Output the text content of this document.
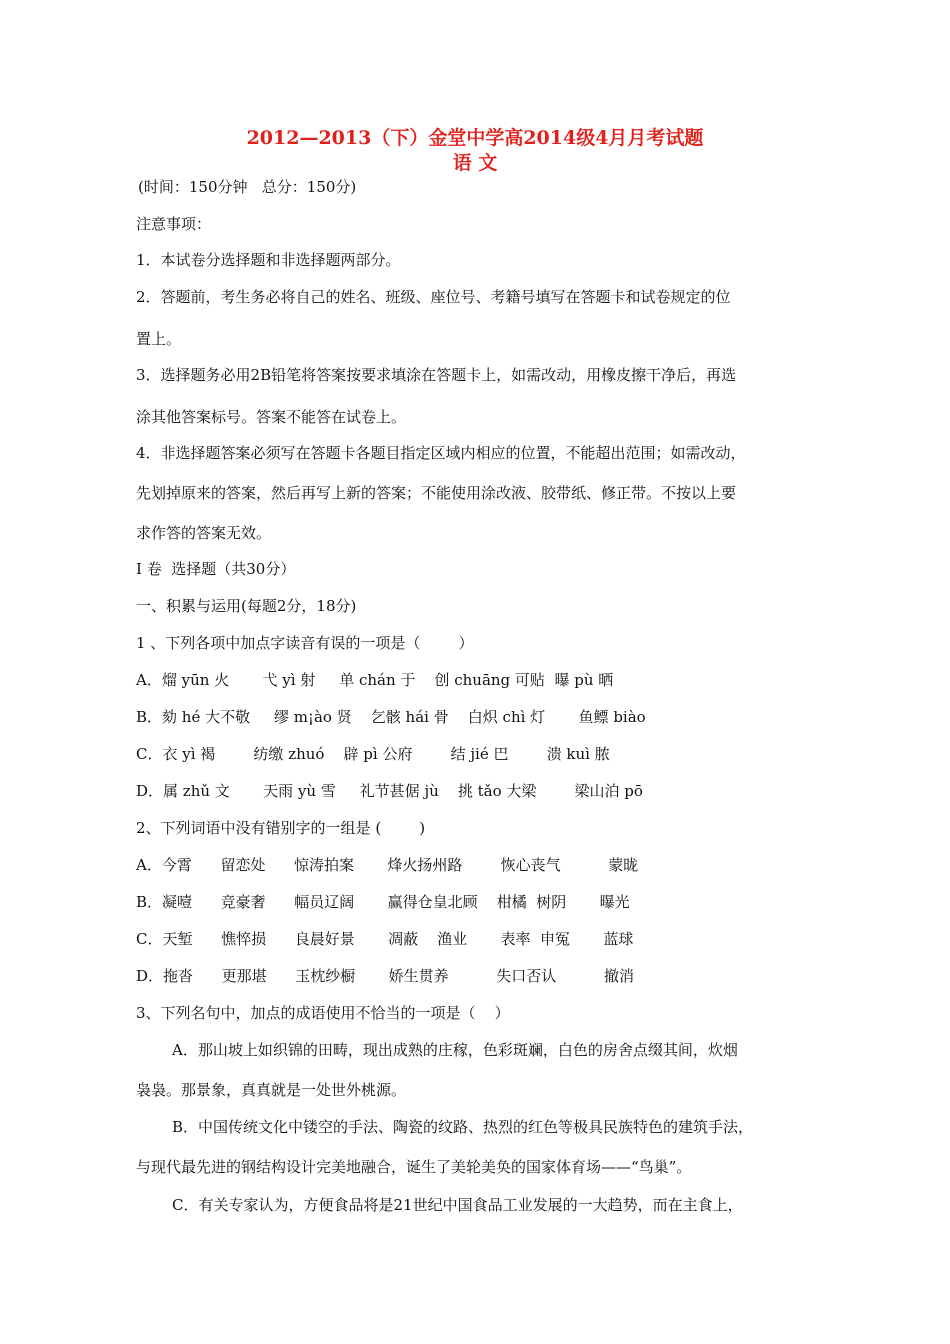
2012—2013（下）金堂中学高2014级4月月考试题
语 文
(时间：150分钟   总分：150分)
注意事项：
1．本试卷分选择题和非选择题两部分。
2．答题前，考生务必将自己的姓名、班级、座位号、考籍号填写在答题卡和试卷规定的位
置上。
3．选择题务必用2B铅笔将答案按要求填涂在答题卡上，如需改动，用橡皮擦干净后，再选
涂其他答案标号。答案不能答在试卷上。
4．非选择题答案必须写在答题卡各题目指定区域内相应的位置，不能超出范围；如需改动，
先划掉原来的答案，然后再写上新的答案；不能使用涂改液、胶带纸、修正带。不按以上要
求作答的答案无效。
Ⅰ 卷  选择题（共30分）
一、积累与运用(每题2分，18分)
1 、下列各项中加点字读音有误的一项是（        ）
A．熘 yūn 火       弋 yì 射     单 chán 于    创 chuāng 可贴  曝 pù 晒
B．劾 hé 大不敬     缪 m¡ào 贤    乞骸 hái 骨    白炽 chì 灯       鱼鳔 biào
C．衣 yì 褐        纺缴 zhuó    辟 pì 公府        结 jié 巴        溃 kuì 脓
D．属 zhǔ 文       天雨 yù 雪     礼节甚倨 jù    挑 tǎo 大梁        梁山泊 pō
2、下列词语中没有错别字的一组是 (        )
A．今霄      留恋处      惊涛拍案       烽火扬州路        恢心丧气          蒙昽
B．凝噎      竞豪奢      幅员辽阔       赢得仓皇北顾    柑橘  树阴       曝光
C．天堑      憔悴损      良晨好景       凋蔽    渔业       表率  申冤       蓝球
D．拖沓      更那堪      玉枕纱橱       娇生贯养          失口否认          撤消
3、下列名句中，加点的成语使用不恰当的一项是（    ）
A．那山坡上如织锦的田畴，现出成熟的庄稼，色彩斑斓，白色的房舍点缀其间，炊烟
袅袅。那景象，真真就是一处世外桃源。
B．中国传统文化中镂空的手法、陶瓷的纹路、热烈的红色等极具民族特色的建筑手法，
与现代最先进的钢结构设计完美地融合，诞生了美轮美奂的国家体育场——“鸟巢”。
C．有关专家认为，方便食品将是21世纪中国食品工业发展的一大趋势，而在主食上，
